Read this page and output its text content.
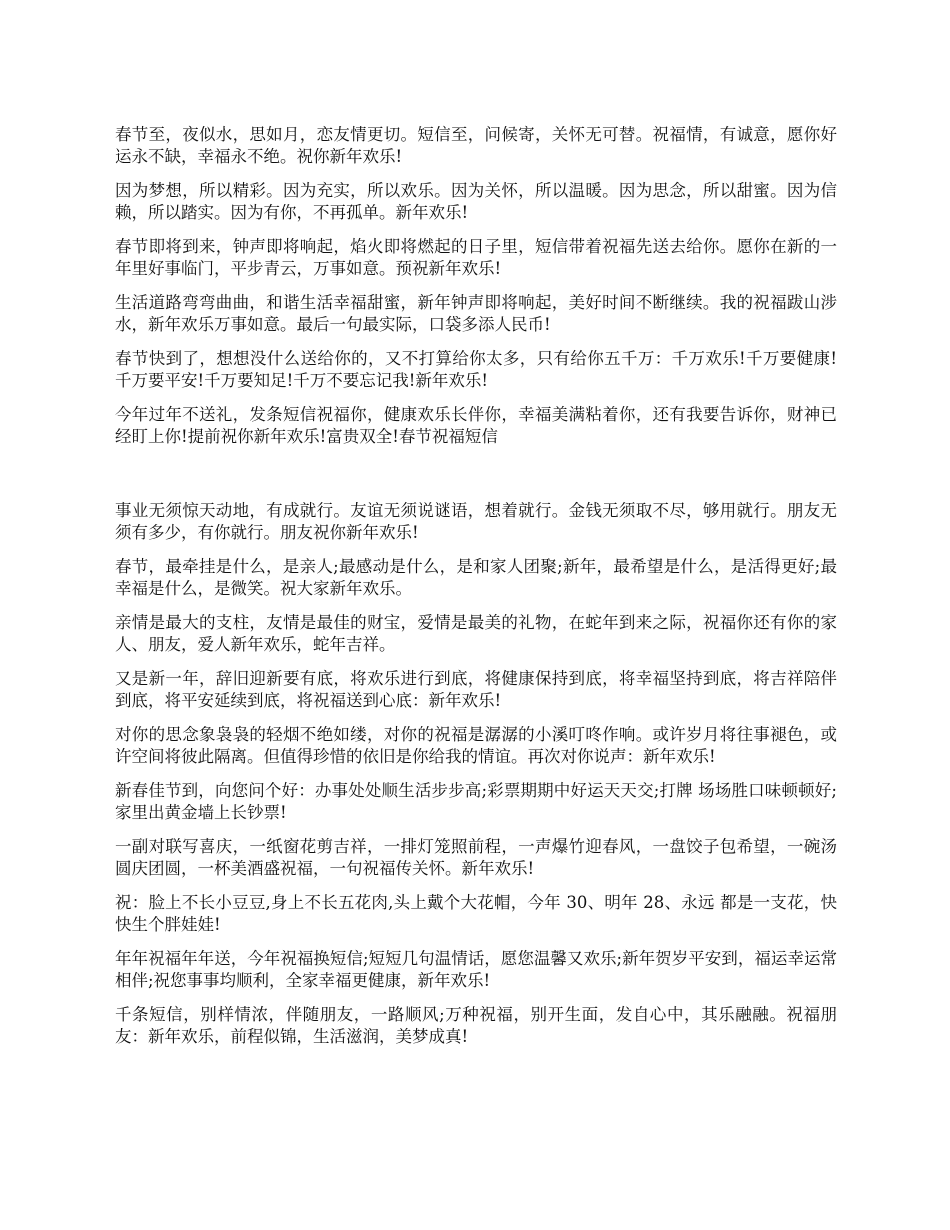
春节至，夜似水，思如月，恋友情更切。短信至，问候寄，关怀无可替。祝福情，有诚意，愿你好运永不缺，幸福永不绝。祝你新年欢乐!

因为梦想，所以精彩。因为充实，所以欢乐。因为关怀，所以温暖。因为思念，所以甜蜜。因为信赖，所以踏实。因为有你，不再孤单。新年欢乐!

春节即将到来，钟声即将响起，焰火即将燃起的日子里，短信带着祝福先送去给你。愿你在新的一年里好事临门，平步青云，万事如意。预祝新年欢乐!

生活道路弯弯曲曲，和谐生活幸福甜蜜，新年钟声即将响起，美好时间不断继续。我的祝福跋山涉水，新年欢乐万事如意。最后一句最实际，口袋多添人民币!

春节快到了，想想没什么送给你的，又不打算给你太多，只有给你五千万：千万欢乐!千万要健康!千万要平安!千万要知足!千万不要忘记我!新年欢乐!

今年过年不送礼，发条短信祝福你，健康欢乐长伴你，幸福美满粘着你，还有我要告诉你，财神已经盯上你!提前祝你新年欢乐!富贵双全!春节祝福短信

事业无须惊天动地，有成就行。友谊无须说谜语，想着就行。金钱无须取不尽，够用就行。朋友无须有多少，有你就行。朋友祝你新年欢乐!

春节，最牵挂是什么，是亲人;最感动是什么，是和家人团聚;新年，最希望是什么，是活得更好;最幸福是什么，是微笑。祝大家新年欢乐。

亲情是最大的支柱，友情是最佳的财宝，爱情是最美的礼物，在蛇年到来之际，祝福你还有你的家人、朋友，爱人新年欢乐，蛇年吉祥。

又是新一年，辞旧迎新要有底，将欢乐进行到底，将健康保持到底，将幸福坚持到底，将吉祥陪伴到底，将平安延续到底，将祝福送到心底：新年欢乐!

对你的思念象袅袅的轻烟不绝如缕，对你的祝福是潺潺的小溪叮咚作响。或许岁月将往事褪色，或许空间将彼此隔离。但值得珍惜的依旧是你给我的情谊。再次对你说声：新年欢乐!

新春佳节到，向您问个好：办事处处顺生活步步高;彩票期期中好运天天交;打牌 场场胜口味顿顿好;家里出黄金墙上长钞票!

一副对联写喜庆，一纸窗花剪吉祥，一排灯笼照前程，一声爆竹迎春风，一盘饺子包希望，一碗汤圆庆团圆，一杯美酒盛祝福，一句祝福传关怀。新年欢乐!

祝：脸上不长小豆豆,身上不长五花肉,头上戴个大花帽，今年 30、明年 28、永远 都是一支花，快快生个胖娃娃!

年年祝福年年送，今年祝福换短信;短短几句温情话，愿您温馨又欢乐;新年贺岁平安到，福运幸运常相伴;祝您事事均顺利，全家幸福更健康，新年欢乐!

千条短信，别样情浓，伴随朋友，一路顺风;万种祝福，别开生面，发自心中，其乐融融。祝福朋友：新年欢乐，前程似锦，生活滋润，美梦成真!
